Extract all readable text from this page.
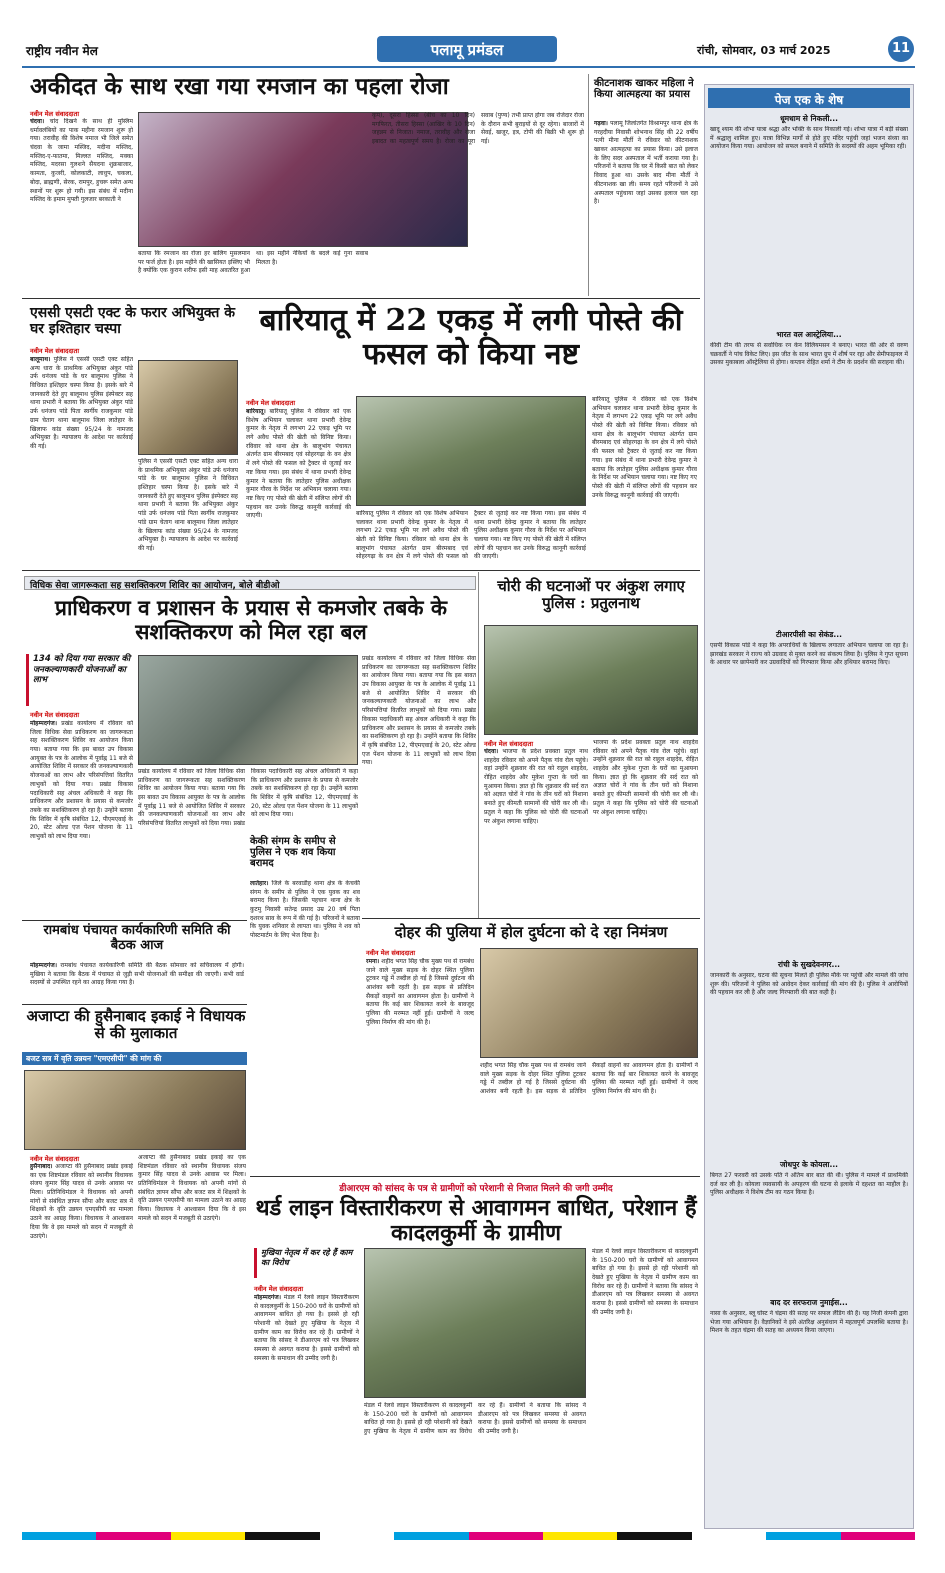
राष्ट्रीय नवीन मेल	पलामू प्रमंडल	रांची, सोमवार, 03 मार्च 2025	11
अकीदत के साथ रखा गया रमजान का पहला रोजा
नवीन मेल संवाददाता
चंदवा। चांद दिखने के साथ ही मुस्लिम धर्मावलंबियों का पाक महीना रमजान शुरू हो गया। तरावीह की विशेष नमाज भी जिले समेत चंदवा के जामा मस्जिद, मदीना मस्जिद, मस्जिद-ए-फातमा, मिल्लत मस्जिद, मक्का मस्जिद, मदरसा गुलशने सैयदना शुक्रबाजार, कामता, कुजरी, कोलकाटी, लाधुप, चकला, बोदा, ब्राह्मणी, सेरक, रामपुर, हुचरू समेत अन्य स्थानों पर शुरू हो गयी। इस संबंध में मदीना मस्जिद के इमाम मुफ्ती गुलजार बरकाती ने
बताया कि रमजान का रोजा हर बालिग मुसलमान पर फर्ज होता है। इस महीने की खासियत इस्लिए भी है क्योंकि एक कुरान शरीफ इसी माह अवतरित हुआ था। इस महीने नेकियों के बदले कई गुना सवाब मिलता है।
कृप), दूसरा हिस्सा (बीच का 10 दिन) मगफिरत, तीसरा हिस्सा (आखिर के 10 दिन) जहन्नम से निजात। नमाज, तरावीह और रोजा इबादत का महत्वपूर्ण समय है। रोजा का पूरा सवाब (पुण्य) तभी प्राप्त होगा जब रोजेदार रोजा के दौरान सभी बुराइयों से दूर रहेगा। बाजारों में सेवई, खजूर, इत्र, टोपी की बिक्री भी शुरू हो गई।
कीटनाशक खाकर महिला ने किया आत्महत्या का प्रयास
गढ़वा। पलामू जिलांतर्गत विश्रामपुर थाना क्षेत्र के गरहदीया निवासी शोभनाथ सिंह की 22 वर्षीय पत्नी मीना मौर्ती ने रविवार को कीटनाशक खाकर आत्महत्या का प्रयास किया। उसे इलाज के लिए सदर अस्पताल में भर्ती कराया गया है। परिजनों ने बताया कि घर में किसी बात को लेकर विवाद हुआ था। उसके बाद मीना मौर्ती ने कीटनाशक खा ली। समय रहते परिजनों ने उसे अस्पताल पहुंचाया जहां उसका इलाज चल रहा है।
एससी एसटी एक्ट के फरार अभियुक्त के घर इश्तिहार चस्पा
नवीन मेल संवाददाता
बालूमाथ। पुलिस ने एससी एसटी एक्ट सहित अन्य धारा के प्राथमिक अभियुक्त अंकुर पांडे उर्फ धनंजय पांडे के घर बालूमाथ पुलिस ने विधिवत इश्तिहार चस्पा किया है। इसके बारे में जानकारी देते हुए बालूमाथ पुलिस इंस्पेक्टर सह थाना प्रभारी ने बताया कि अभियुक्त अंकुर पांडे उर्फ धनंजय पांडे पिता स्वर्गीय राजकुमार पांडे ग्राम चेताग थाना बालूमाथ जिला लातेहार के खिलाफ कांड संख्या 95/24 के नामजद अभियुक्त है। न्यायालय के आदेश पर कार्रवाई की गई।
पुलिस ने एससी एसटी एक्ट सहित अन्य धारा के प्राथमिक अभियुक्त अंकुर पांडे उर्फ धनंजय पांडे के घर बालूमाथ पुलिस ने विधिवत इश्तिहार चस्पा किया है। इसके बारे में जानकारी देते हुए बालूमाथ पुलिस इंस्पेक्टर सह थाना प्रभारी ने बताया कि अभियुक्त अंकुर पांडे उर्फ धनंजय पांडे पिता स्वर्गीय राजकुमार पांडे ग्राम चेताग थाना बालूमाथ जिला लातेहार के खिलाफ कांड संख्या 95/24 के नामजद अभियुक्त है। न्यायालय के आदेश पर कार्रवाई की गई।
बारियातू में 22 एकड़ में लगी पोस्ते की फसल को किया नष्ट
नवीन मेल संवाददाता
बारियातू। बारियातू पुलिस ने रविवार को एक विशेष अभियान चलाकर थाना प्रभारी देवेन्द्र कुमार के नेतृत्व में लगभग 22 एकड़ भूमि पर लगे अवैध पोस्ते की खेती को विनिष्ट किया। रविवार को थाना क्षेत्र के बालूभांग पंचायत अंतर्गत ग्राम बीरमबाद एवं सोहरगढ़ा के वन क्षेत्र में लगे पोस्ते की फसल को ट्रैक्टर से जुताई कर नष्ट किया गया। इस संबंध में थाना प्रभारी देवेन्द्र कुमार ने बताया कि लातेहार पुलिस अधीक्षक कुमार गौरव के निर्देश पर अभियान चलाया गया। नष्ट किए गए पोस्ते की खेती में संलिप्त लोगों की पहचान कर उनके विरुद्ध कानूनी कार्रवाई की जाएगी।	बारियातू पुलिस ने रविवार को एक विशेष अभियान चलाकर थाना प्रभारी देवेन्द्र कुमार के नेतृत्व में लगभग 22 एकड़ भूमि पर लगे अवैध पोस्ते की खेती को विनिष्ट किया। रविवार को थाना क्षेत्र के बालूभांग पंचायत अंतर्गत ग्राम बीरमबाद एवं सोहरगढ़ा के वन क्षेत्र में लगे पोस्ते की फसल को ट्रैक्टर से जुताई कर नष्ट किया गया। इस संबंध में थाना प्रभारी देवेन्द्र कुमार ने बताया कि लातेहार पुलिस अधीक्षक कुमार गौरव के निर्देश पर अभियान चलाया गया। नष्ट किए गए पोस्ते की खेती में संलिप्त लोगों की पहचान कर उनके विरुद्ध कानूनी कार्रवाई की जाएगी।
बारियातू पुलिस ने रविवार को एक विशेष अभियान चलाकर थाना प्रभारी देवेन्द्र कुमार के नेतृत्व में लगभग 22 एकड़ भूमि पर लगे अवैध पोस्ते की खेती को विनिष्ट किया। रविवार को थाना क्षेत्र के बालूभांग पंचायत अंतर्गत ग्राम बीरमबाद एवं सोहरगढ़ा के वन क्षेत्र में लगे पोस्ते की फसल को ट्रैक्टर से जुताई कर नष्ट किया गया। इस संबंध में थाना प्रभारी देवेन्द्र कुमार ने बताया कि लातेहार पुलिस अधीक्षक कुमार गौरव के निर्देश पर अभियान चलाया गया। नष्ट किए गए पोस्ते की खेती में संलिप्त लोगों की पहचान कर उनके विरुद्ध कानूनी कार्रवाई की जाएगी।
विधिक सेवा जागरूकता सह सशक्तिकरण शिविर का आयोजन, बोले बीडीओ
प्राधिकरण व प्रशासन के प्रयास से कमजोर तबके के सशक्तिकरण को मिल रहा बल
134 को दिया गया सरकार की जनकल्याणकारी योजनाओं का लाभ
नवीन मेल संवाददाता
मोहम्मदगंज। प्रखंड कार्यालय में रविवार को जिला विधिक सेवा प्राधिकरण का जागरूकता सह सशक्तिकरण शिविर का आयोजन किया गया। बताया गया कि इस बावत उप विकास आयुक्त के पत्र के आलोक में पूर्वाह्न 11 बजे से आयोजित शिविर में सरकार की जनकल्याणकारी योजनाओं का लाभ और परिसंपत्तियां वितरित लाभुकों को दिया गया। प्रखंड विकास पदाधिकारी सह अंचल अधिकारी ने कहा कि प्राधिकरण और प्रशासन के प्रयास से कमजोर तबके का सशक्तिकरण हो रहा है। उन्होंने बताया कि शिविर में कृषि संबंधित 12, पीएमएवाई के 20, स्टेट ओल्ड एज पेंशन योजना के 11 लाभुकों को लाभ दिया गया।
प्रखंड कार्यालय में रविवार को जिला विधिक सेवा प्राधिकरण का जागरूकता सह सशक्तिकरण शिविर का आयोजन किया गया। बताया गया कि इस बावत उप विकास आयुक्त के पत्र के आलोक में पूर्वाह्न 11 बजे से आयोजित शिविर में सरकार की जनकल्याणकारी योजनाओं का लाभ और परिसंपत्तियां वितरित लाभुकों को दिया गया। प्रखंड विकास पदाधिकारी सह अंचल अधिकारी ने कहा कि प्राधिकरण और प्रशासन के प्रयास से कमजोर तबके का सशक्तिकरण हो रहा है। उन्होंने बताया कि शिविर में कृषि संबंधित 12, पीएमएवाई के 20, स्टेट ओल्ड एज पेंशन योजना के 11 लाभुकों को लाभ दिया गया।
प्रखंड कार्यालय में रविवार को जिला विधिक सेवा प्राधिकरण का जागरूकता सह सशक्तिकरण शिविर का आयोजन किया गया। बताया गया कि इस बावत उप विकास आयुक्त के पत्र के आलोक में पूर्वाह्न 11 बजे से आयोजित शिविर में सरकार की जनकल्याणकारी योजनाओं का लाभ और परिसंपत्तियां वितरित लाभुकों को दिया गया। प्रखंड विकास पदाधिकारी सह अंचल अधिकारी ने कहा कि प्राधिकरण और प्रशासन के प्रयास से कमजोर तबके का सशक्तिकरण हो रहा है। उन्होंने बताया कि शिविर में कृषि संबंधित 12, पीएमएवाई के 20, स्टेट ओल्ड एज पेंशन योजना के 11 लाभुकों को लाभ दिया गया।
केकी संगम के समीप से पुलिस ने एक शव किया बरामद
लातेहार। जिले के बरवाडीह थाना क्षेत्र के केचकी संगम के समीप से पुलिस ने एक युवक का शव बरामद किया है। जिसकी पहचान थाना क्षेत्र के कुटमु निवासी सतेन्द्र प्रसाद उम्र 20 वर्ष पिता दशरथ साव के रूप में की गई है। परिजनों ने बताया कि युवक शनिवार से लापता था। पुलिस ने शव को पोस्टमार्टम के लिए भेज दिया है।
रामबांध पंचायत कार्यकारिणी समिति की बैठक आज
मोहम्मदगंज। रामबांध पंचायत कार्यकारिणी समिति की बैठक सोमवार को सचिवालय में होगी। मुखिया ने बताया कि बैठक में पंचायत से जुड़ी सभी योजनाओं की समीक्षा की जाएगी। सभी वार्ड सदस्यों से उपस्थित रहने का आग्रह किया गया है।
अजाप्टा की हुसैनाबाद इकाई ने विधायक से की मुलाकात
बजट सत्र में वृति उन्नयन "एमएसीपी" की मांग की
नवीन मेल संवाददाता
हुसैनाबाद। अजाप्टा की हुसैनाबाद प्रखंड इकाई का एक शिष्टमंडल रविवार को स्थानीय विधायक संजय कुमार सिंह यादव से उनके आवास पर मिला। प्रतिनिधिमंडल ने विधायक को अपनी मांगों से संबंधित ज्ञापन सौंपा और बजट सत्र में शिक्षकों के वृति उन्नयन एमएसीपी का मामला उठाने का आग्रह किया। विधायक ने आश्वासन दिया कि वे इस मामले को सदन में मजबूती से उठाएंगे।
अजाप्टा की हुसैनाबाद प्रखंड इकाई का एक शिष्टमंडल रविवार को स्थानीय विधायक संजय कुमार सिंह यादव से उनके आवास पर मिला। प्रतिनिधिमंडल ने विधायक को अपनी मांगों से संबंधित ज्ञापन सौंपा और बजट सत्र में शिक्षकों के वृति उन्नयन एमएसीपी का मामला उठाने का आग्रह किया। विधायक ने आश्वासन दिया कि वे इस मामले को सदन में मजबूती से उठाएंगे।
चोरी की घटनाओं पर अंकुश लगाए पुलिस : प्रतुलनाथ
नवीन मेल संवाददाता
चंदवा। भाजपा के प्रदेश प्रवक्ता प्रतुल नाथ शाहदेव रविवार को अपने पैतृक गांव रोल पहुंचे। वहां उन्होंने शुक्रवार की रात को राहुल शाहदेव, रोहित शाहदेव और मुकेश गुप्ता के घरों का मुआयना किया। ज्ञात हो कि शुक्रवार की सर्द रात को अज्ञात चोरों ने गांव के तीन घरों को निशाना बनाते हुए कीमती सामानों की चोरी कर ली थी। प्रतुल ने कहा कि पुलिस को चोरी की घटनाओं पर अंकुश लगाना चाहिए।
भाजपा के प्रदेश प्रवक्ता प्रतुल नाथ शाहदेव रविवार को अपने पैतृक गांव रोल पहुंचे। वहां उन्होंने शुक्रवार की रात को राहुल शाहदेव, रोहित शाहदेव और मुकेश गुप्ता के घरों का मुआयना किया। ज्ञात हो कि शुक्रवार की सर्द रात को अज्ञात चोरों ने गांव के तीन घरों को निशाना बनाते हुए कीमती सामानों की चोरी कर ली थी। प्रतुल ने कहा कि पुलिस को चोरी की घटनाओं पर अंकुश लगाना चाहिए।
दोहर की पुलिया में होल दुर्घटना को दे रहा निमंत्रण
नवीन मेल संवाददाता
रमना। शहीद भगत सिंह चौक मुख्य पथ से रामबंध जाने वाले मुख्य सड़क के दोहर स्थित पुलिया टूटकर गड्ढे में तब्दील हो गई है जिससे दुर्घटना की आशंका बनी रहती है। इस सड़क से प्रतिदिन सैकड़ों वाहनों का आवागमन होता है। ग्रामीणों ने बताया कि कई बार शिकायत करने के बावजूद पुलिया की मरम्मत नहीं हुई। ग्रामीणों ने जल्द पुलिया निर्माण की मांग की है।
शहीद भगत सिंह चौक मुख्य पथ से रामबंध जाने वाले मुख्य सड़क के दोहर स्थित पुलिया टूटकर गड्ढे में तब्दील हो गई है जिससे दुर्घटना की आशंका बनी रहती है। इस सड़क से प्रतिदिन सैकड़ों वाहनों का आवागमन होता है। ग्रामीणों ने बताया कि कई बार शिकायत करने के बावजूद पुलिया की मरम्मत नहीं हुई। ग्रामीणों ने जल्द पुलिया निर्माण की मांग की है।
डीआरएम को सांसद के पत्र से ग्रामीणों को परेशानी से निजात मिलने की जगी उम्मीद
थर्ड लाइन विस्तारीकरण से आवागमन बाधित, परेशान हैं कादलकुर्मी के ग्रामीण
मुखिया नेतृत्व में कर रहे हैं काम का विरोध
नवीन मेल संवाददाता
मोहम्मदगंज। मंडल में रेलवे लाइन विस्तारीकरण से कादलकुर्मी के 150-200 घरों के ग्रामीणों को आवागमन बाधित हो गया है। इससे हो रही परेशानी को देखते हुए मुखिया के नेतृत्व में ग्रामीण काम का विरोध कर रहे हैं। ग्रामीणों ने बताया कि सांसद ने डीआरएम को पत्र लिखकर समस्या से अवगत कराया है। इससे ग्रामीणों को समस्या के समाधान की उम्मीद जगी है।
मंडल में रेलवे लाइन विस्तारीकरण से कादलकुर्मी के 150-200 घरों के ग्रामीणों को आवागमन बाधित हो गया है। इससे हो रही परेशानी को देखते हुए मुखिया के नेतृत्व में ग्रामीण काम का विरोध कर रहे हैं। ग्रामीणों ने बताया कि सांसद ने डीआरएम को पत्र लिखकर समस्या से अवगत कराया है। इससे ग्रामीणों को समस्या के समाधान की उम्मीद जगी है।
मंडल में रेलवे लाइन विस्तारीकरण से कादलकुर्मी के 150-200 घरों के ग्रामीणों को आवागमन बाधित हो गया है। इससे हो रही परेशानी को देखते हुए मुखिया के नेतृत्व में ग्रामीण काम का विरोध कर रहे हैं। ग्रामीणों ने बताया कि सांसद ने डीआरएम को पत्र लिखकर समस्या से अवगत कराया है। इससे ग्रामीणों को समस्या के समाधान की उम्मीद जगी है।
पेज एक के शेष
धूमधाम से निकली...
खादू श्याम की शोभा यात्रा श्रद्धा और भक्ति के साथ निकाली गई। शोभा यात्रा में बड़ी संख्या में श्रद्धालु शामिल हुए। यात्रा विभिन्न मार्गों से होते हुए मंदिर पहुंची जहां भजन संध्या का आयोजन किया गया। आयोजन को सफल बनाने में समिति के सदस्यों की अहम भूमिका रही।
भारत वल आस्ट्रेलिया...
कीवी टीम की तरफ से सर्वाधिक रन केन विलियमसन ने बनाए। भारत की ओर से वरुण चक्रवर्ती ने पांच विकेट लिए। इस जीत के साथ भारत ग्रुप में शीर्ष पर रहा और सेमीफाइनल में उसका मुकाबला ऑस्ट्रेलिया से होगा। कप्तान रोहित शर्मा ने टीम के प्रदर्शन की सराहना की।
टीआरपीसी का सेकंड...
एसपी विकास पांडे ने कहा कि अपराधियों के खिलाफ लगातार अभियान चलाया जा रहा है। झारखंड सरकार ने राज्य को उग्रवाद से मुक्त करने का संकल्प लिया है। पुलिस ने गुप्त सूचना के आधार पर छापेमारी कर उग्रवादियों को गिरफ्तार किया और हथियार बरामद किए।
रांची के सुखदेवनगर...
जानकारी के अनुसार, घटना की सूचना मिलते ही पुलिस मौके पर पहुंची और मामले की जांच शुरू की। परिजनों ने पुलिस को आवेदन देकर कार्रवाई की मांग की है। पुलिस ने आरोपियों की पहचान कर ली है और जल्द गिरफ्तारी की बात कही है।
जोधपुर के कोयला...
बिगत 27 फरवरी को उसके पति ने अंतिम बार बात की थी। पुलिस ने मामले में प्राथमिकी दर्ज कर ली है। कोयला व्यवसायी के अपहरण की घटना से इलाके में दहशत का माहौल है। पुलिस अधीक्षक ने विशेष टीम का गठन किया है।
बाद दर सरफराज नुमाईस...
नासा के अनुसार, ब्लू घोस्ट ने चंद्रमा की सतह पर सफल लैंडिंग की है। यह निजी कंपनी द्वारा भेजा गया अभियान है। वैज्ञानिकों ने इसे अंतरिक्ष अनुसंधान में महत्वपूर्ण उपलब्धि बताया है। मिशन के तहत चंद्रमा की सतह का अध्ययन किया जाएगा।
